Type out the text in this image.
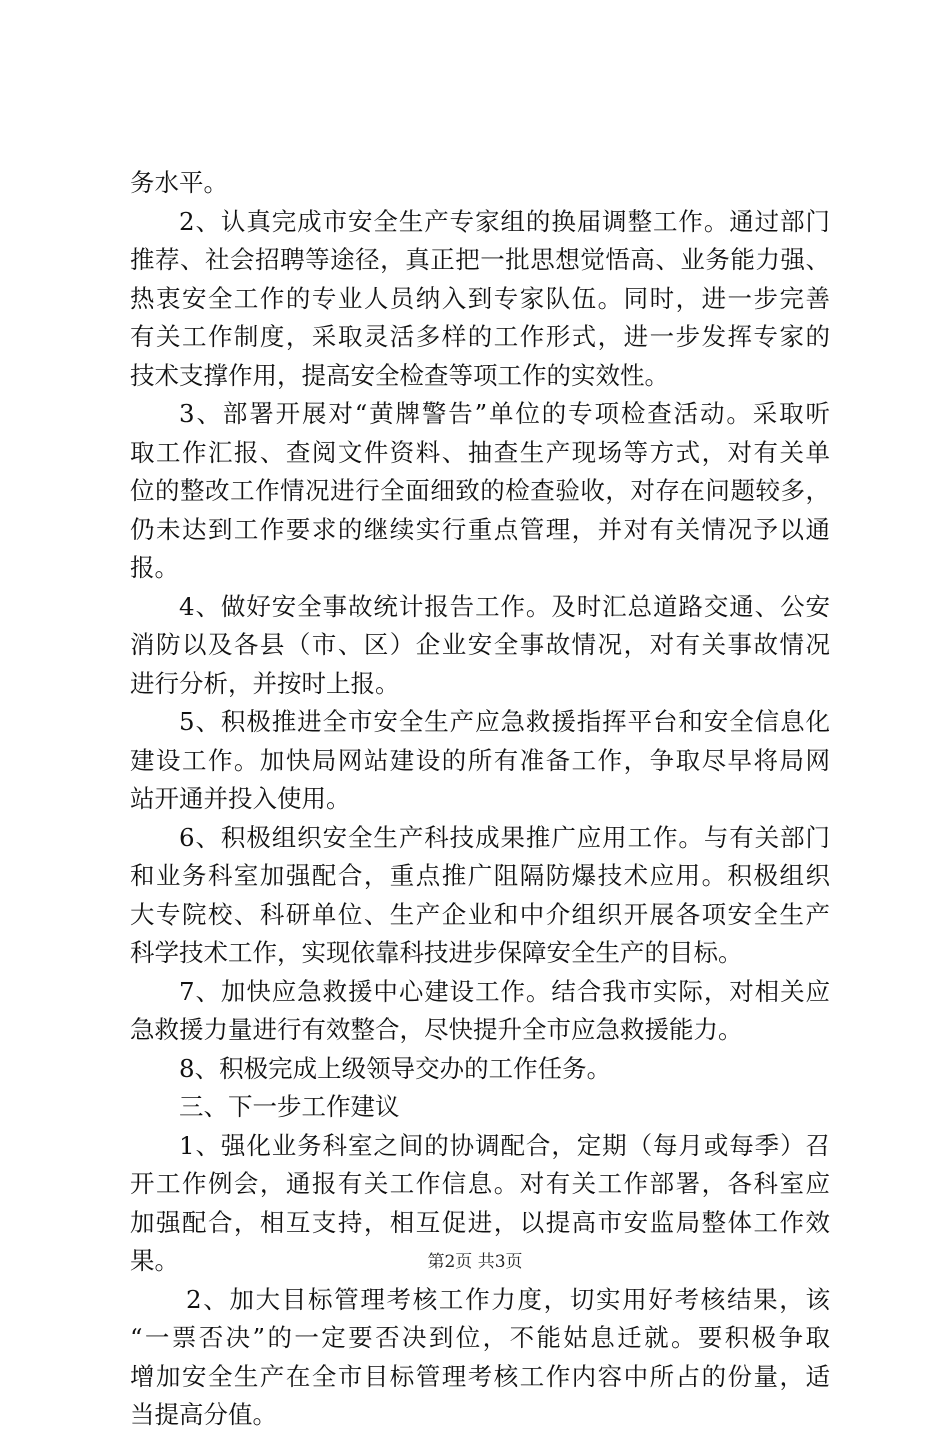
务水平。
2、认真完成市安全生产专家组的换届调整工作。通过部门
推荐、社会招聘等途径，真正把一批思想觉悟高、业务能力强、
热衷安全工作的专业人员纳入到专家队伍。同时，进一步完善
有关工作制度，采取灵活多样的工作形式，进一步发挥专家的
技术支撑作用，提高安全检查等项工作的实效性。
3、部署开展对“黄牌警告”单位的专项检查活动。采取听
取工作汇报、查阅文件资料、抽查生产现场等方式，对有关单
位的整改工作情况进行全面细致的检查验收，对存在问题较多，
仍未达到工作要求的继续实行重点管理，并对有关情况予以通
报。
4、做好安全事故统计报告工作。及时汇总道路交通、公安
消防以及各县（市、区）企业安全事故情况，对有关事故情况
进行分析，并按时上报。
5、积极推进全市安全生产应急救援指挥平台和安全信息化
建设工作。加快局网站建设的所有准备工作，争取尽早将局网
站开通并投入使用。
6、积极组织安全生产科技成果推广应用工作。与有关部门
和业务科室加强配合，重点推广阻隔防爆技术应用。积极组织
大专院校、科研单位、生产企业和中介组织开展各项安全生产
科学技术工作，实现依靠科技进步保障安全生产的目标。
7、加快应急救援中心建设工作。结合我市实际，对相关应
急救援力量进行有效整合，尽快提升全市应急救援能力。
8、积极完成上级领导交办的工作任务。
三、下一步工作建议
1、强化业务科室之间的协调配合，定期（每月或每季）召
开工作例会，通报有关工作信息。对有关工作部署，各科室应
加强配合，相互支持，相互促进，以提高市安监局整体工作效
果。
2、加大目标管理考核工作力度，切实用好考核结果，该
“一票否决”的一定要否决到位，不能姑息迁就。要积极争取
增加安全生产在全市目标管理考核工作内容中所占的份量，适
当提高分值。
第2页 共3页
